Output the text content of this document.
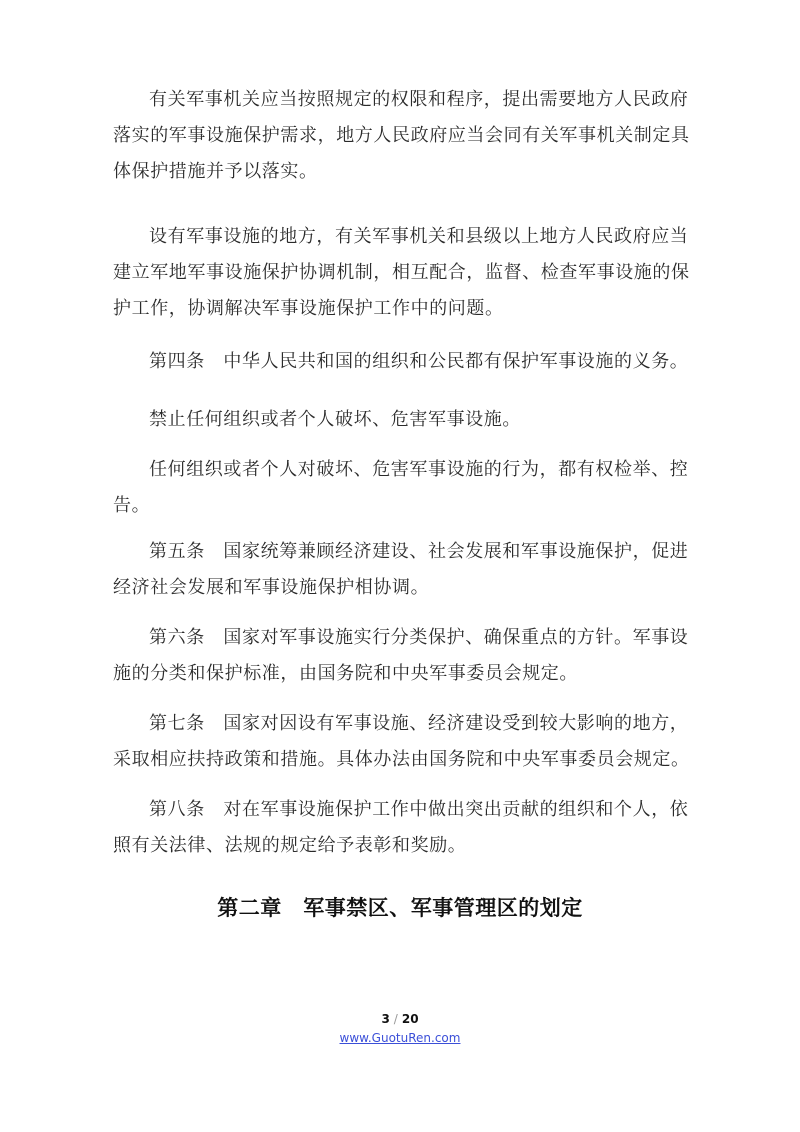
有关军事机关应当按照规定的权限和程序，提出需要地方人民政府落实的军事设施保护需求，地方人民政府应当会同有关军事机关制定具体保护措施并予以落实。

设有军事设施的地方，有关军事机关和县级以上地方人民政府应当建立军地军事设施保护协调机制，相互配合，监督、检查军事设施的保护工作，协调解决军事设施保护工作中的问题。

第四条　中华人民共和国的组织和公民都有保护军事设施的义务。

禁止任何组织或者个人破坏、危害军事设施。

任何组织或者个人对破坏、危害军事设施的行为，都有权检举、控告。

第五条　国家统筹兼顾经济建设、社会发展和军事设施保护，促进经济社会发展和军事设施保护相协调。

第六条　国家对军事设施实行分类保护、确保重点的方针。军事设施的分类和保护标准，由国务院和中央军事委员会规定。

第七条　国家对因设有军事设施、经济建设受到较大影响的地方，采取相应扶持政策和措施。具体办法由国务院和中央军事委员会规定。

第八条　对在军事设施保护工作中做出突出贡献的组织和个人，依照有关法律、法规的规定给予表彰和奖励。

第二章　军事禁区、军事管理区的划定
3 / 20
www.GuotuRen.com
